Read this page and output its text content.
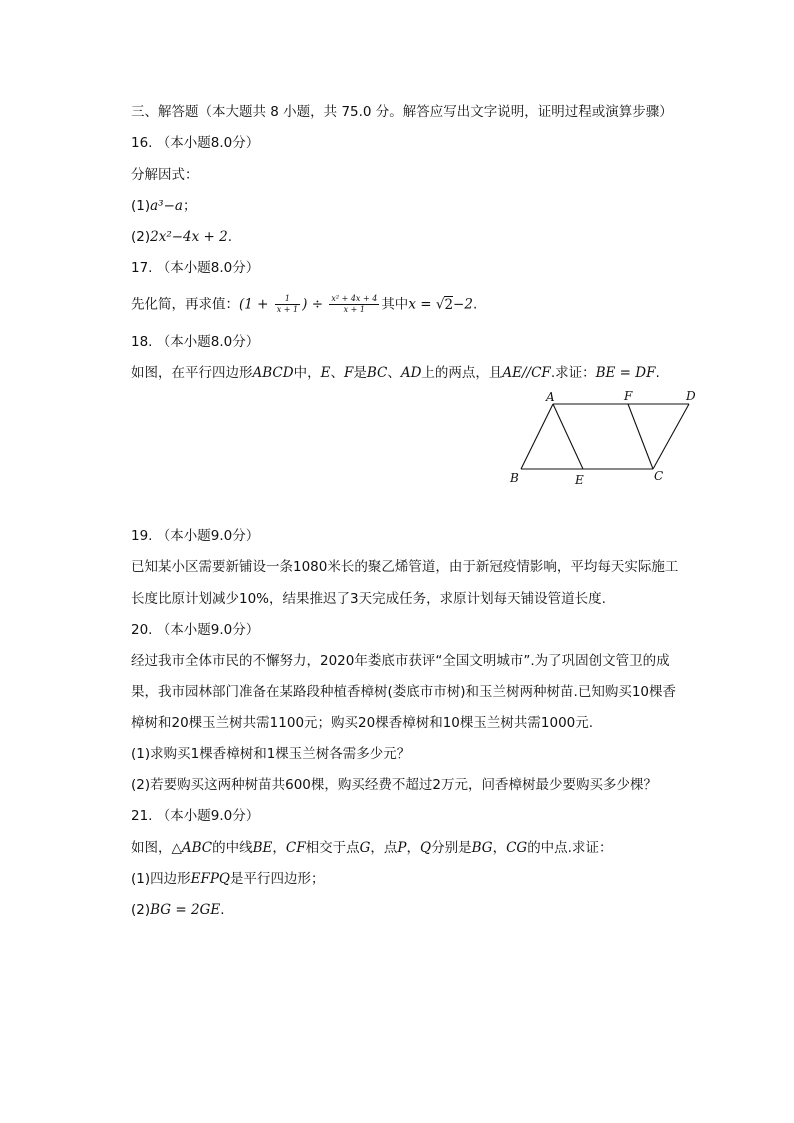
三、解答题（本大题共 8 小题，共 75.0 分。解答应写出文字说明，证明过程或演算步骤）
16. （本小题8.0分）
分解因式：
(1)a³−a；
(2)2x²−4x + 2.
17. （本小题8.0分）
先化简，再求值：($1 + \frac{1}{x + 1}$ ) ÷ $\frac{\text{x² + 4x + 4}}{x + 1}$ 其中x = √2−2.
18. （本小题8.0分）
如图，在平行四边形ABCD中，E、F是BC、AD上的两点，且AE//CF.求证：BE = DF.
A	F	D
B	E	C
19. （本小题9.0分）
已知某小区需要新铺设一条1080米长的聚乙烯管道，由于新冠疫情影响，平均每天实际施工
长度比原计划减少10%，结果推迟了3天完成任务，求原计划每天铺设管道长度.
20. （本小题9.0分）
经过我市全体市民的不懈努力，2020年娄底市获评“全国文明城市”.为了巩固创文管卫的成
果，我市园林部门准备在某路段种植香樟树(娄底市市树)和玉兰树两种树苗.已知购买10棵香
樟树和20棵玉兰树共需1100元；购买20棵香樟树和10棵玉兰树共需1000元.
(1)求购买1棵香樟树和1棵玉兰树各需多少元？
(2)若要购买这两种树苗共600棵，购买经费不超过2万元，问香樟树最少要购买多少棵？
21. （本小题9.0分）
如图，△ABC的中线BE，CF相交于点G，点P，Q分别是BG，CG的中点.求证：
(1)四边形EFPQ是平行四边形；
(2)BG = 2GE.
